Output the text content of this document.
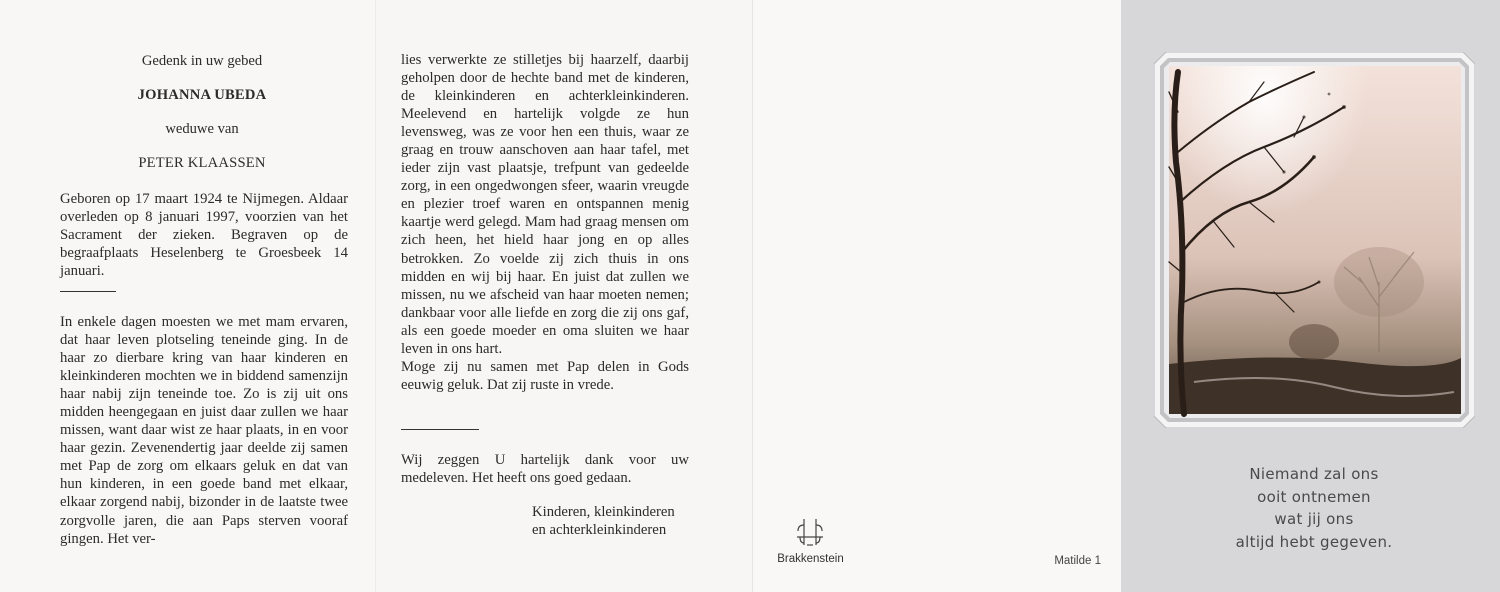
Gedenk in uw gebed
JOHANNA UBEDA
weduwe van
PETER KLAASSEN
Geboren op 17 maart 1924 te Nijmegen. Aldaar overleden op 8 januari 1997, voorzien van het Sacrament der zieken. Begraven op de begraafplaats Heselenberg te Groesbeek 14 januari.
In enkele dagen moesten we met mam ervaren, dat haar leven plotseling teneinde ging. In de haar zo dierbare kring van haar kinderen en kleinkinderen mochten we in biddend samenzijn haar nabij zijn teneinde toe. Zo is zij uit ons midden heengegaan en juist daar zullen we haar missen, want daar wist ze haar plaats, in en voor haar gezin. Zevenendertig jaar deelde zij samen met Pap de zorg om elkaars geluk en dat van hun kinderen, in een goede band met elkaar, elkaar zorgend nabij, bizonder in de laatste twee zorgvolle jaren, die aan Paps sterven vooraf gingen. Het ver-
lies verwerkte ze stilletjes bij haarzelf, daarbij geholpen door de hechte band met de kinderen, de kleinkinderen en achterkleinkinderen. Meelevend en hartelijk volgde ze hun levensweg, was ze voor hen een thuis, waar ze graag en trouw aanschoven aan haar tafel, met ieder zijn vast plaatsje, trefpunt van gedeelde zorg, in een ongedwongen sfeer, waarin vreugde en plezier troef waren en ontspannen menig kaartje werd gelegd. Mam had graag mensen om zich heen, het hield haar jong en op alles betrokken. Zo voelde zij zich thuis in ons midden en wij bij haar. En juist dat zullen we missen, nu we afscheid van haar moeten nemen; dankbaar voor alle liefde en zorg die zij ons gaf, als een goede moeder en oma sluiten we haar leven in ons hart.
Moge zij nu samen met Pap delen in Gods eeuwig geluk. Dat zij ruste in vrede.
Wij zeggen U hartelijk dank voor uw medeleven. Het heeft ons goed gedaan.
Kinderen, kleinkinderen
en achterkleinkinderen
Brakkenstein	Matilde 1
Niemand zal ons
ooit ontnemen
wat jij ons
altijd hebt gegeven.
